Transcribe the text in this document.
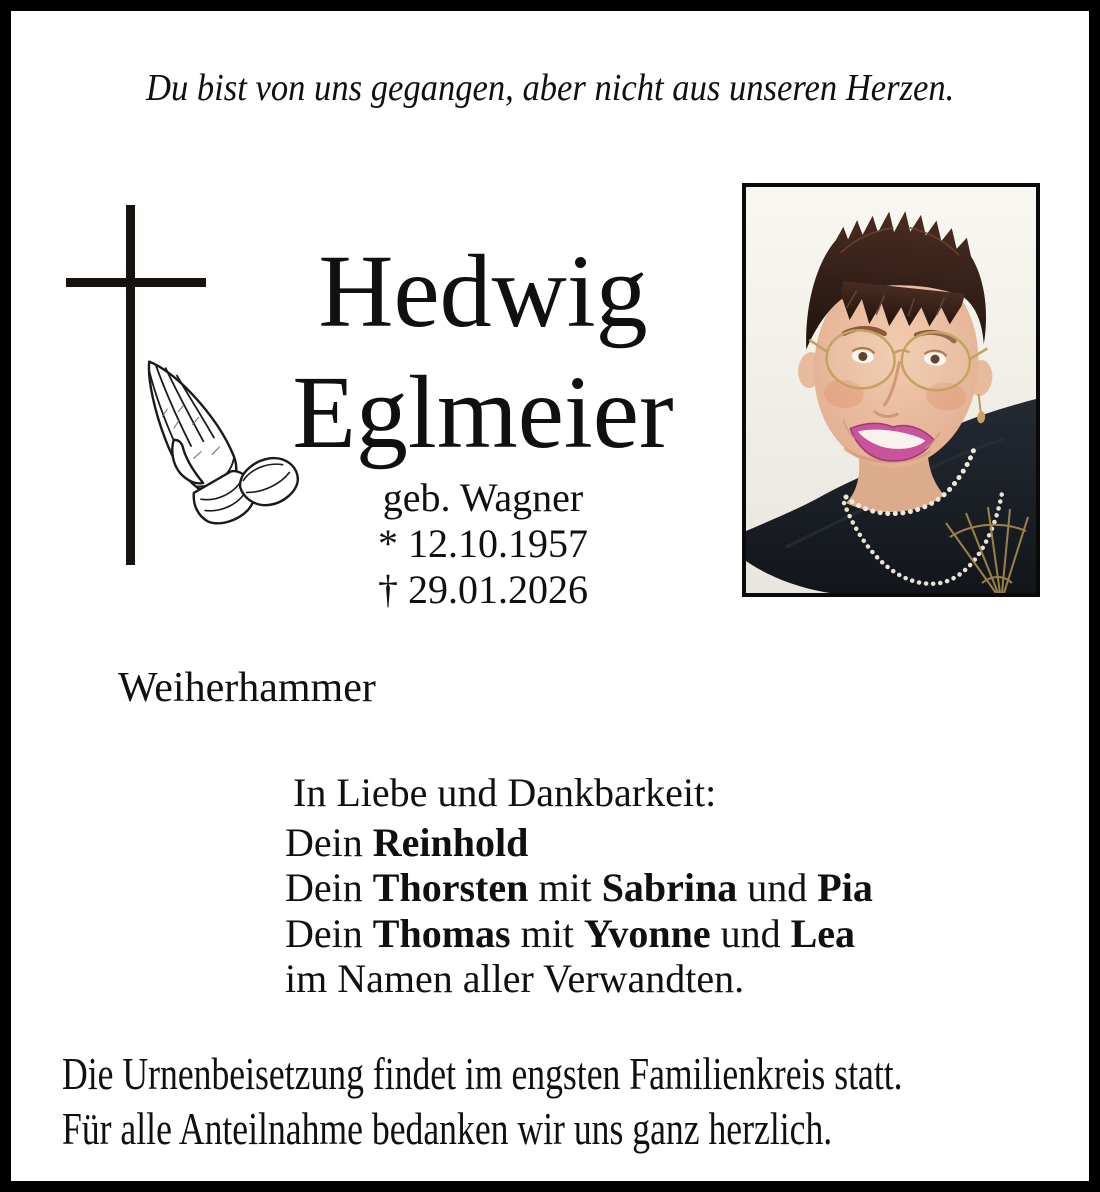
Du bist von uns gegangen, aber nicht aus unseren Herzen.
Hedwig
Eglmeier
geb. Wagner
* 12.10.1957
† 29.01.2026
Weiherhammer
In Liebe und Dankbarkeit:
Dein Reinhold
Dein Thorsten mit Sabrina und Pia
Dein Thomas mit Yvonne und Lea
im Namen aller Verwandten.
Die Urnenbeisetzung findet im engsten Familienkreis statt.
Für alle Anteilnahme bedanken wir uns ganz herzlich.
